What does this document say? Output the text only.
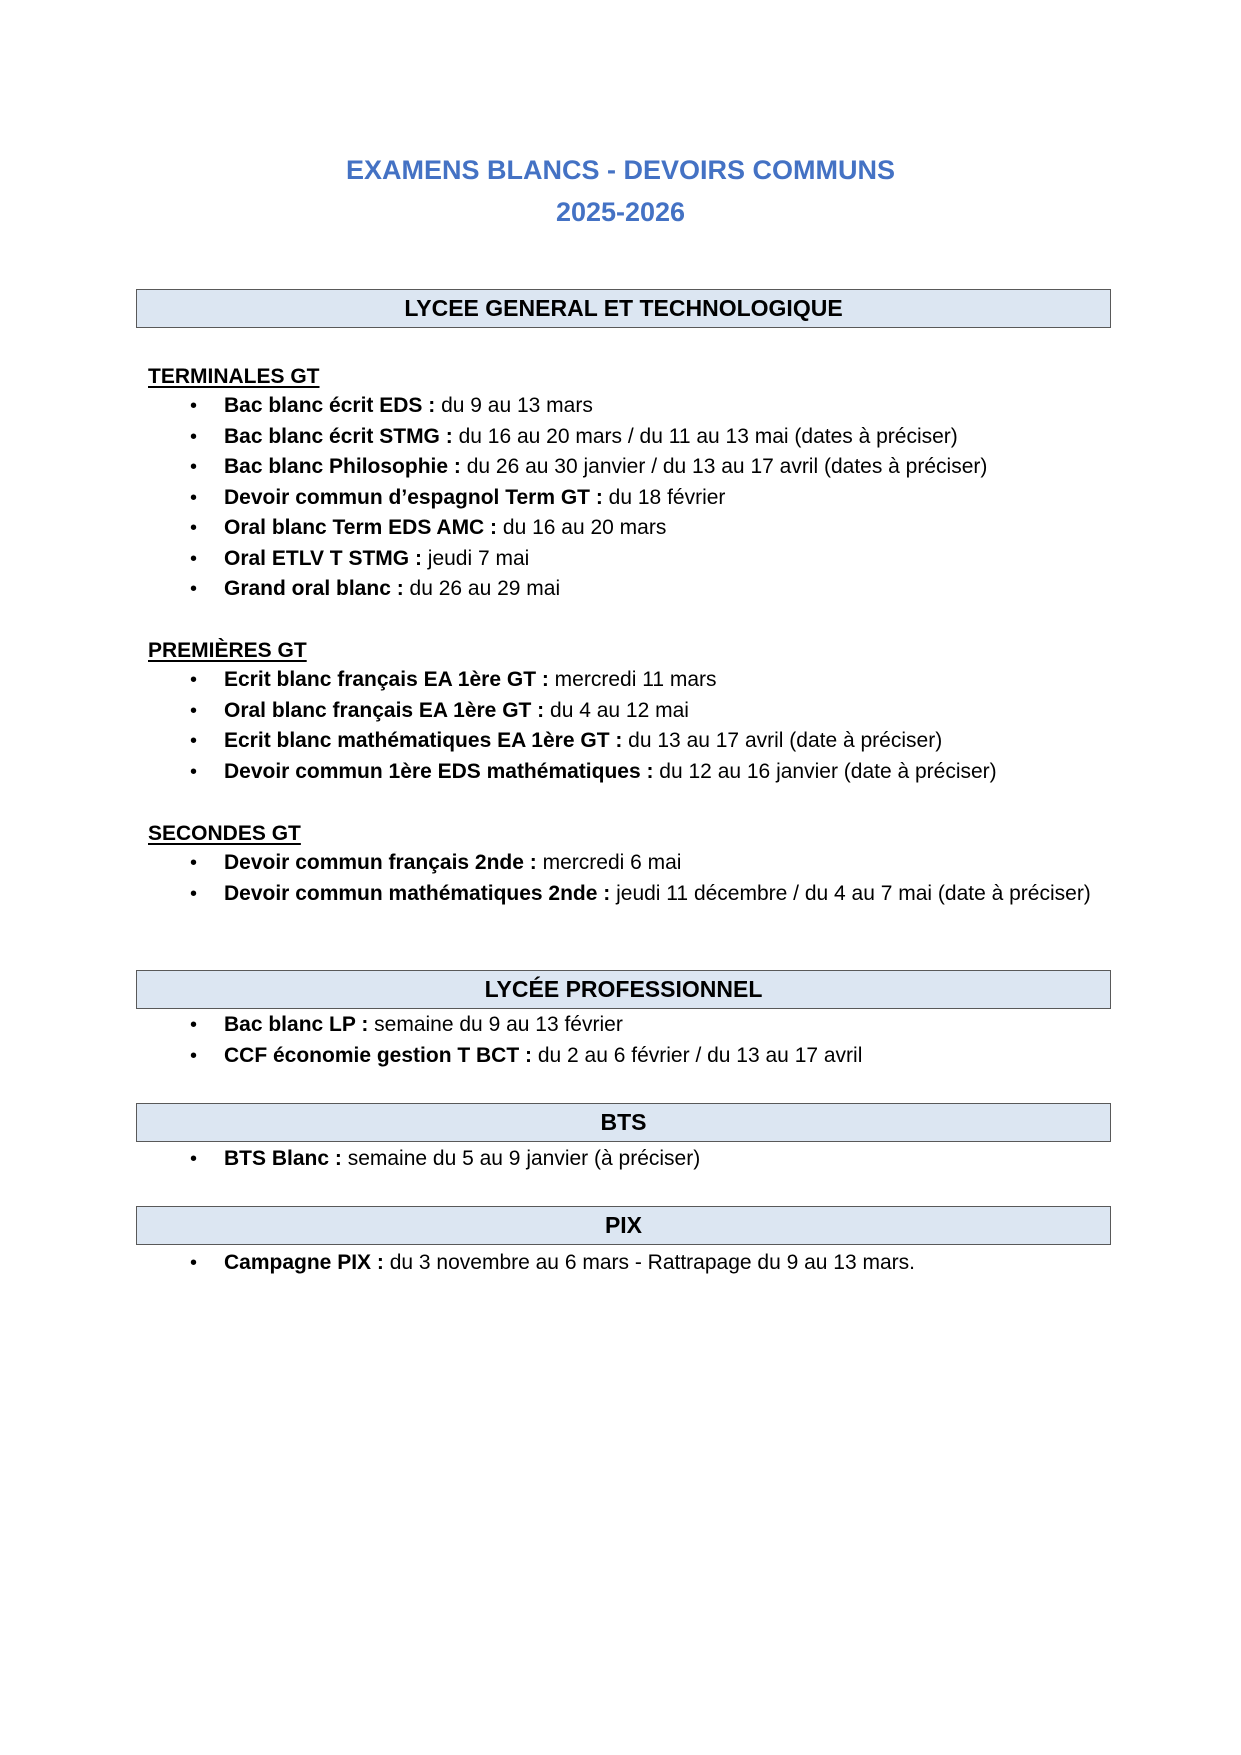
EXAMENS BLANCS - DEVOIRS COMMUNS
2025-2026
LYCEE GENERAL ET TECHNOLOGIQUE
TERMINALES GT
• Bac blanc écrit EDS : du 9 au 13 mars
• Bac blanc écrit STMG : du 16 au 20 mars / du 11 au 13 mai (dates à préciser)
• Bac blanc Philosophie : du 26 au 30 janvier / du 13 au 17 avril (dates à préciser)
• Devoir commun d’espagnol Term GT : du 18 février
• Oral blanc Term EDS AMC : du 16 au 20 mars
• Oral ETLV T STMG : jeudi 7 mai
• Grand oral blanc : du 26 au 29 mai
PREMIÈRES GT
• Ecrit blanc français EA 1ère GT : mercredi 11 mars
• Oral blanc français EA 1ère GT : du 4 au 12 mai
• Ecrit blanc mathématiques EA 1ère GT : du 13 au 17 avril (date à préciser)
• Devoir commun 1ère EDS mathématiques : du 12 au 16 janvier (date à préciser)
SECONDES GT
• Devoir commun français 2nde : mercredi 6 mai
• Devoir commun mathématiques 2nde : jeudi 11 décembre / du 4 au 7 mai (date à préciser)
LYCÉE PROFESSIONNEL
• Bac blanc LP : semaine du 9 au 13 février
• CCF économie gestion T BCT : du 2 au 6 février / du 13 au 17 avril
BTS
• BTS Blanc : semaine du 5 au 9 janvier (à préciser)
PIX
• Campagne PIX : du 3 novembre au 6 mars - Rattrapage du 9 au 13 mars.
